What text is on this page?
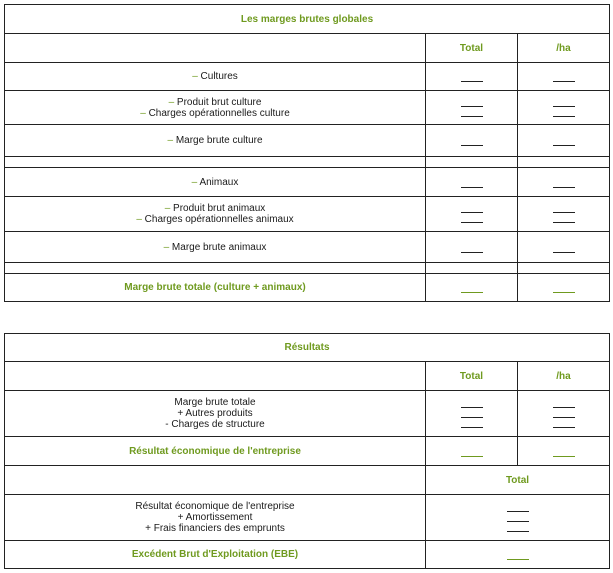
Les marges brutes globales		
	Total	/ha
– Cultures	

– Produit brut culture
– Charges opérationnelles culture		

– Marge brute culture	

– Animaux	

– Produit brut animaux
– Charges opérationnelles animaux		

– Marge brute animaux	

Marge brute totale (culture + animaux)	

Résultats		
	Total	/ha

Marge brute totale
+ Autres produits
- Charges de structure		

Résultat économique de l'entreprise	

	Total	

Résultat économique de l'entreprise
+ Amortissement
+ Frais financiers des emprunts		

Excédent Brut d'Exploitation (EBE)		
